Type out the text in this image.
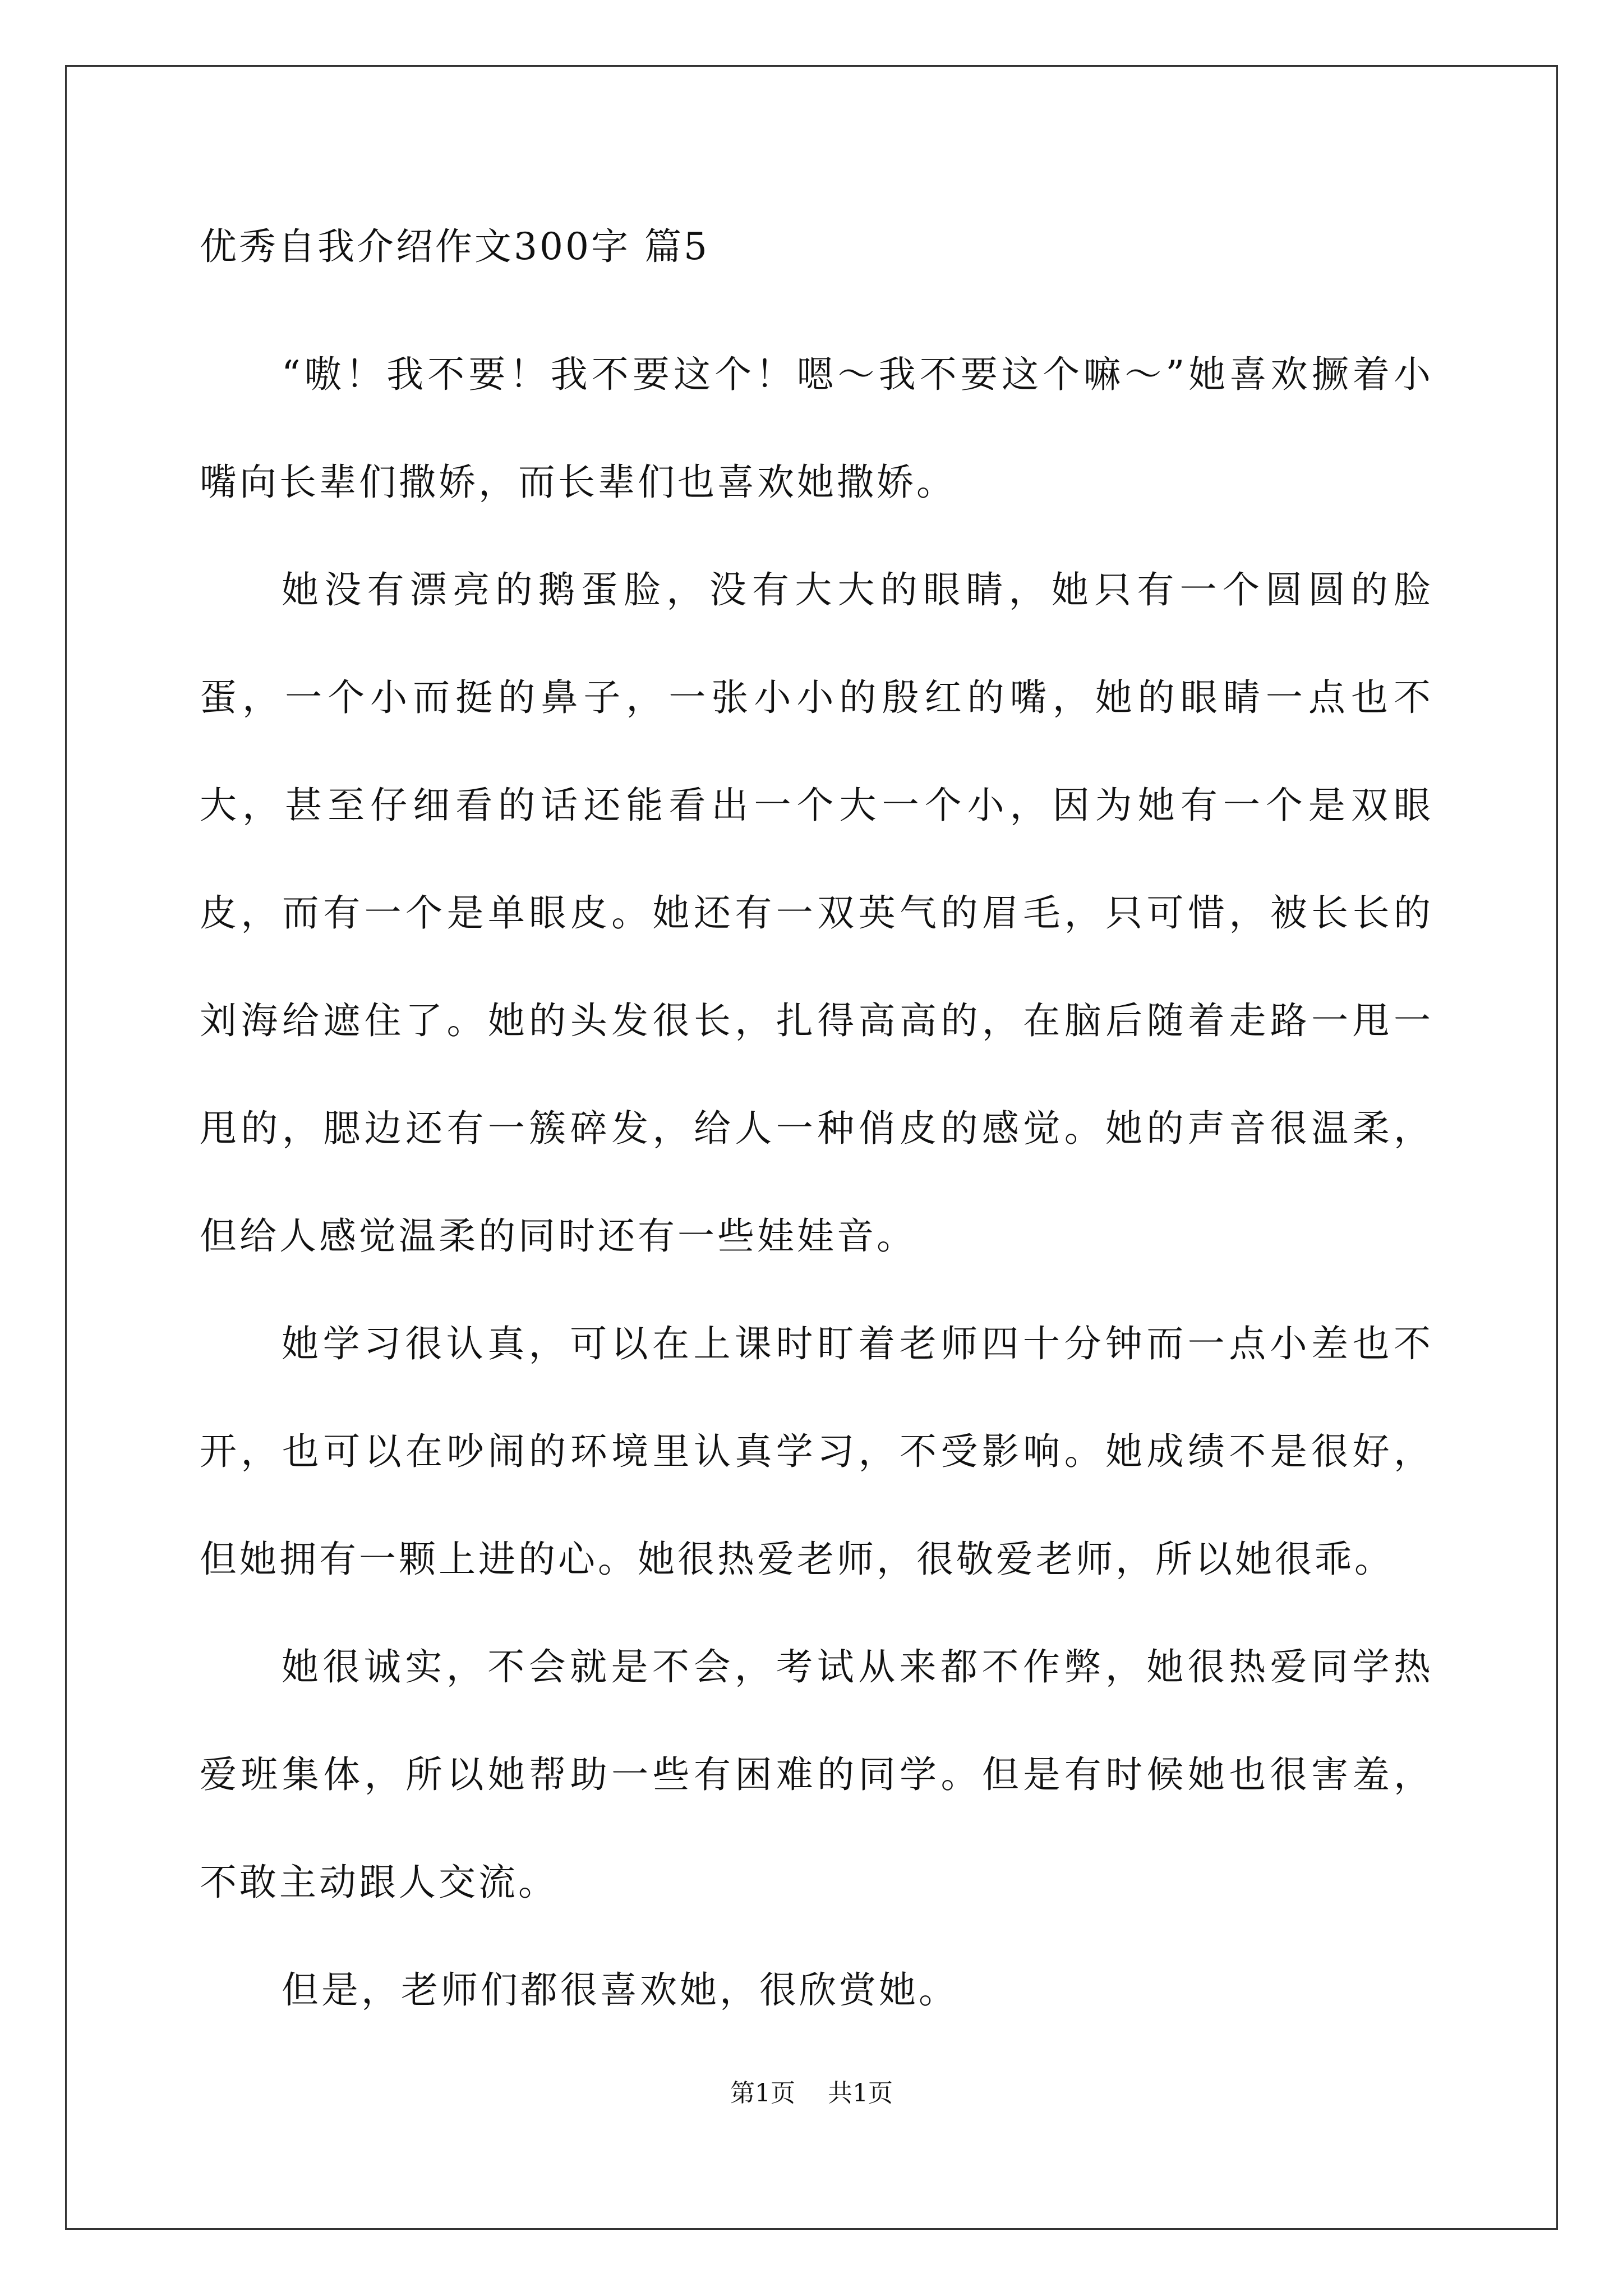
优秀自我介绍作文300字 篇5

“嗷！我不要！我不要这个！嗯～我不要这个嘛～”她喜欢撅着小嘴向长辈们撒娇，而长辈们也喜欢她撒娇。

她没有漂亮的鹅蛋脸，没有大大的眼睛，她只有一个圆圆的脸蛋，一个小而挺的鼻子，一张小小的殷红的嘴，她的眼睛一点也不大，甚至仔细看的话还能看出一个大一个小，因为她有一个是双眼皮，而有一个是单眼皮。她还有一双英气的眉毛，只可惜，被长长的刘海给遮住了。她的头发很长，扎得高高的，在脑后随着走路一甩一甩的，腮边还有一簇碎发，给人一种俏皮的感觉。她的声音很温柔，但给人感觉温柔的同时还有一些娃娃音。

她学习很认真，可以在上课时盯着老师四十分钟而一点小差也不开，也可以在吵闹的环境里认真学习，不受影响。她成绩不是很好，但她拥有一颗上进的心。她很热爱老师，很敬爱老师，所以她很乖。

她很诚实，不会就是不会，考试从来都不作弊，她很热爱同学热爱班集体，所以她帮助一些有困难的同学。但是有时候她也很害羞，不敢主动跟人交流。

但是，老师们都很喜欢她，很欣赏她。

第1页 共1页
